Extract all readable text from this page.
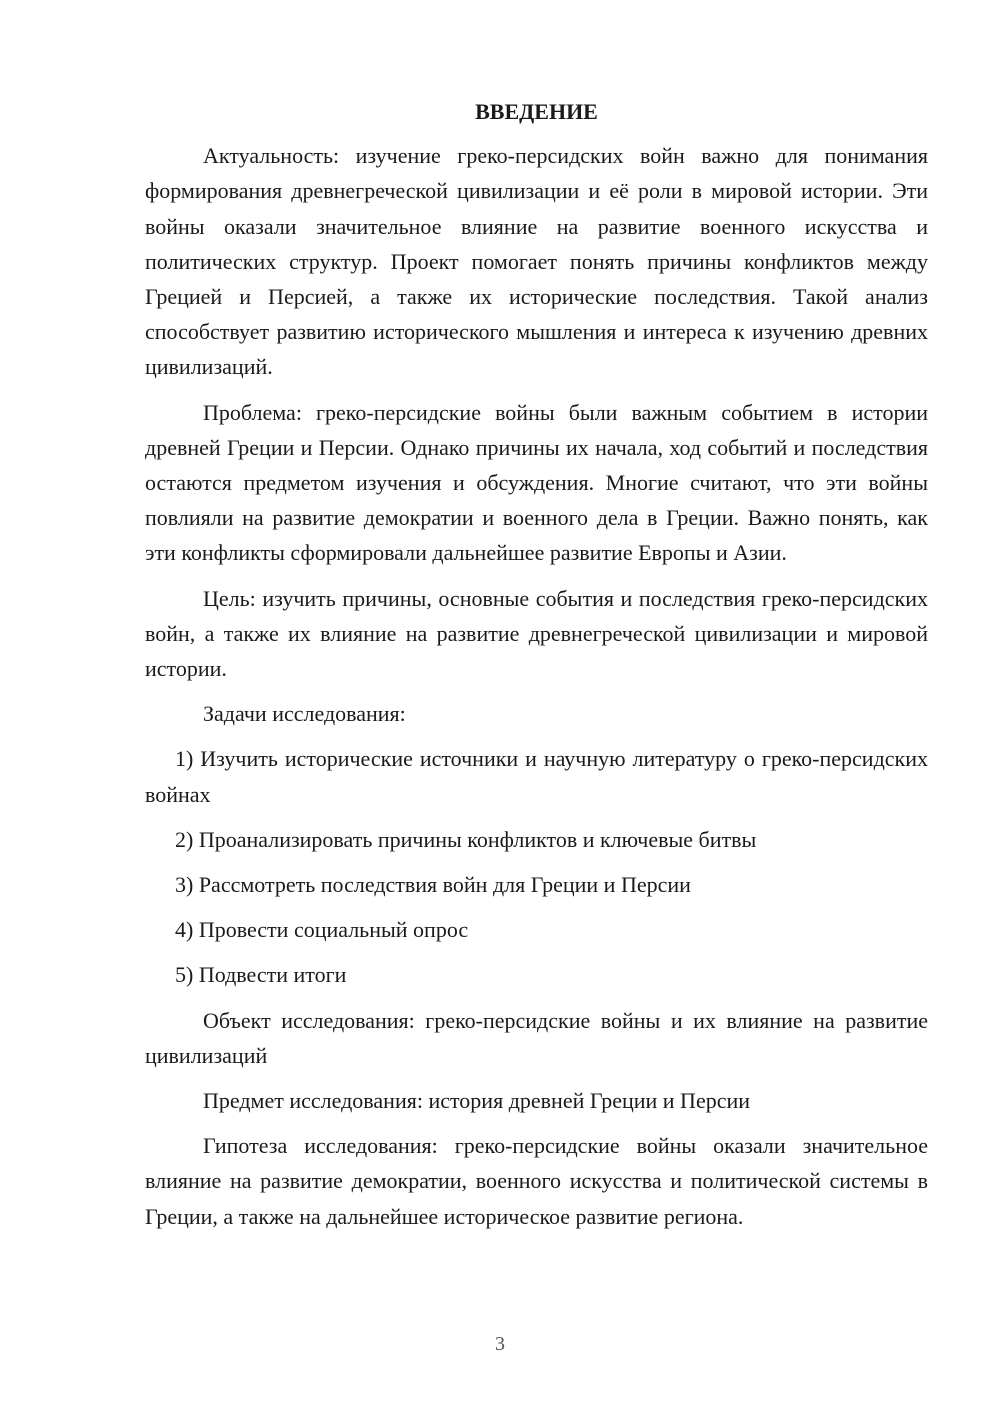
ВВЕДЕНИЕ

Актуальность: изучение греко-персидских войн важно для понимания формирования древнегреческой цивилизации и её роли в мировой истории. Эти войны оказали значительное влияние на развитие военного искусства и политических структур. Проект помогает понять причины конфликтов между Грецией и Персией, а также их исторические последствия. Такой анализ способствует развитию исторического мышления и интереса к изучению древних цивилизаций.

Проблема: греко-персидские войны были важным событием в истории древней Греции и Персии. Однако причины их начала, ход событий и последствия остаются предметом изучения и обсуждения. Многие считают, что эти войны повлияли на развитие демократии и военного дела в Греции. Важно понять, как эти конфликты сформировали дальнейшее развитие Европы и Азии.

Цель: изучить причины, основные события и последствия греко-персидских войн, а также их влияние на развитие древнегреческой цивилизации и мировой истории.

Задачи исследования:

1) Изучить исторические источники и научную литературу о греко-персидских войнах

2) Проанализировать причины конфликтов и ключевые битвы

3) Рассмотреть последствия войн для Греции и Персии

4) Провести социальный опрос

5) Подвести итоги

Объект исследования: греко-персидские войны и их влияние на развитие цивилизаций

Предмет исследования: история древней Греции и Персии

Гипотеза исследования: греко-персидские войны оказали значительное влияние на развитие демократии, военного искусства и политической системы в Греции, а также на дальнейшее историческое развитие региона.

3
